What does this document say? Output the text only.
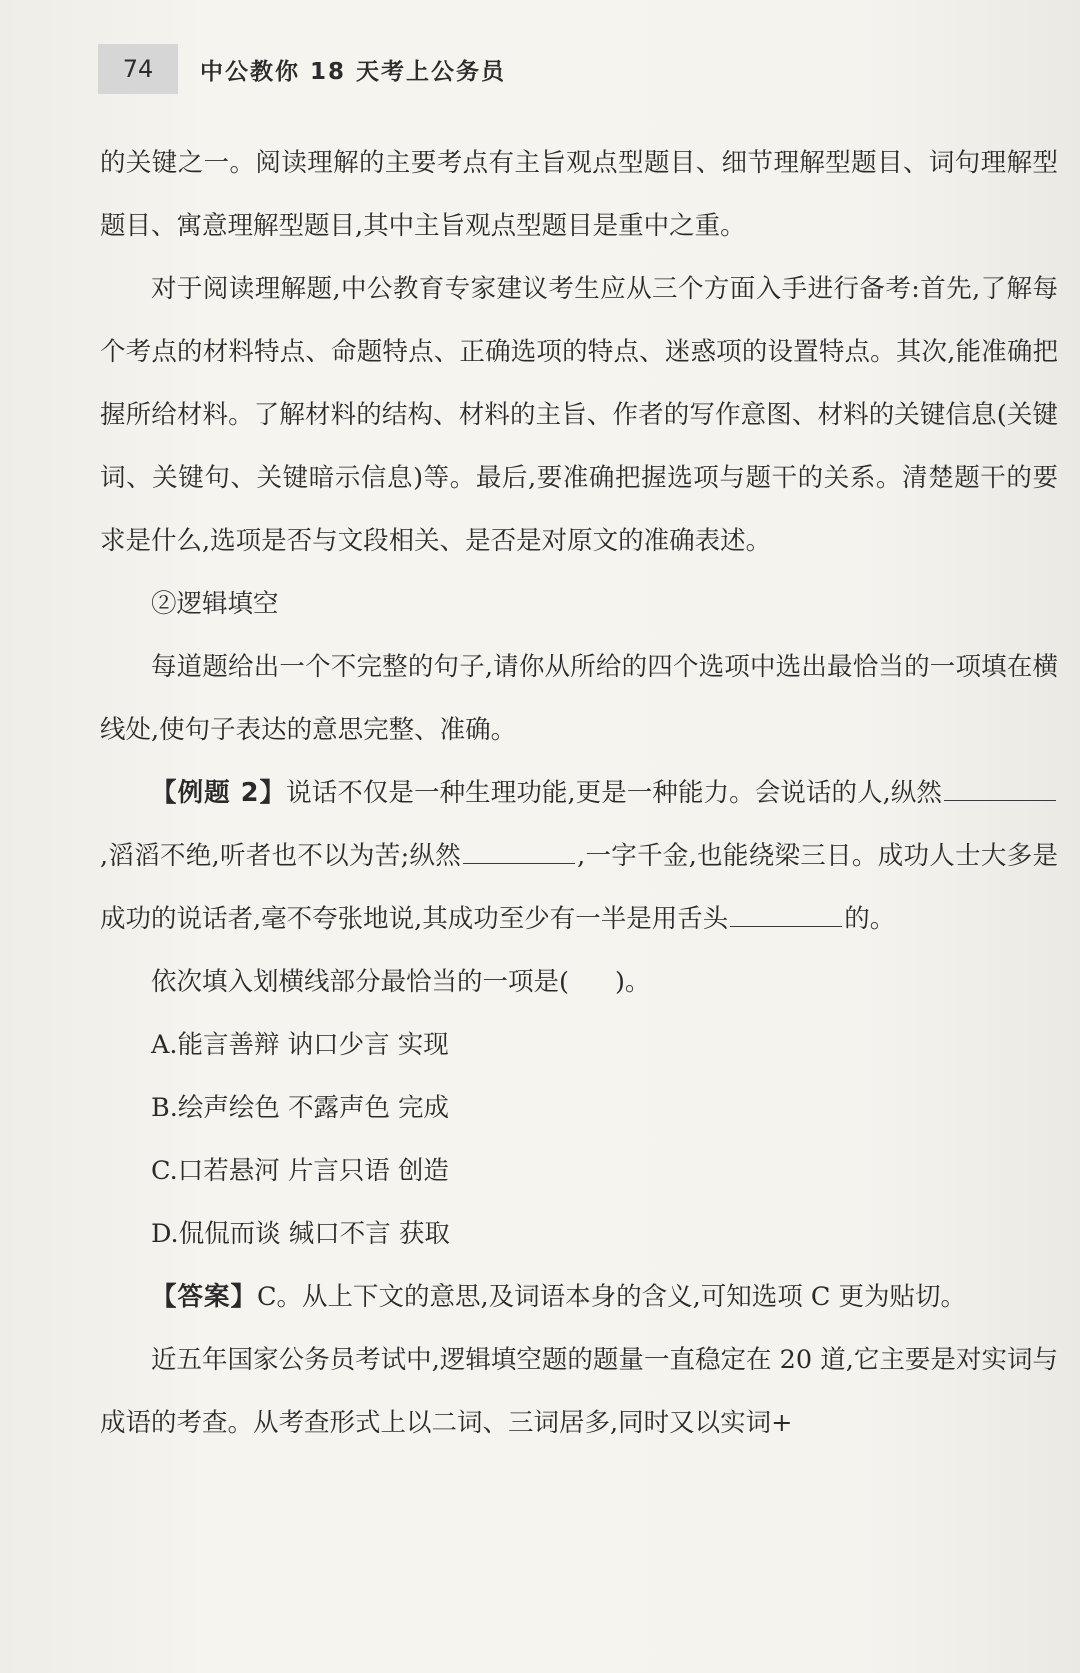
74	中公教你 18 天考上公务员

的关键之一。阅读理解的主要考点有主旨观点型题目、细节理解型题目、词句理解型题目、寓意理解型题目,其中主旨观点型题目是重中之重。

对于阅读理解题,中公教育专家建议考生应从三个方面入手进行备考:首先,了解每个考点的材料特点、命题特点、正确选项的特点、迷惑项的设置特点。其次,能准确把握所给材料。了解材料的结构、材料的主旨、作者的写作意图、材料的关键信息(关键词、关键句、关键暗示信息)等。最后,要准确把握选项与题干的关系。清楚题干的要求是什么,选项是否与文段相关、是否是对原文的准确表述。

②逻辑填空

每道题给出一个不完整的句子,请你从所给的四个选项中选出最恰当的一项填在横线处,使句子表达的意思完整、准确。

【例题 2】说话不仅是一种生理功能,更是一种能力。会说话的人,纵然,滔滔不绝,听者也不以为苦;纵然	,一字千金,也能绕梁三日。成功人士大多是成功的说话者,毫不夸张地说,其成功至少有一半是用舌头	的。

依次填入划横线部分最恰当的一项是( )。

A.能言善辩 讷口少言 实现

B.绘声绘色 不露声色 完成

C.口若悬河 片言只语 创造

D.侃侃而谈 缄口不言 获取

【答案】C。从上下文的意思,及词语本身的含义,可知选项 C 更为贴切。

近五年国家公务员考试中,逻辑填空题的题量一直稳定在 20 道,它主要是对实词与成语的考查。从考查形式上以二词、三词居多,同时又以实词+
